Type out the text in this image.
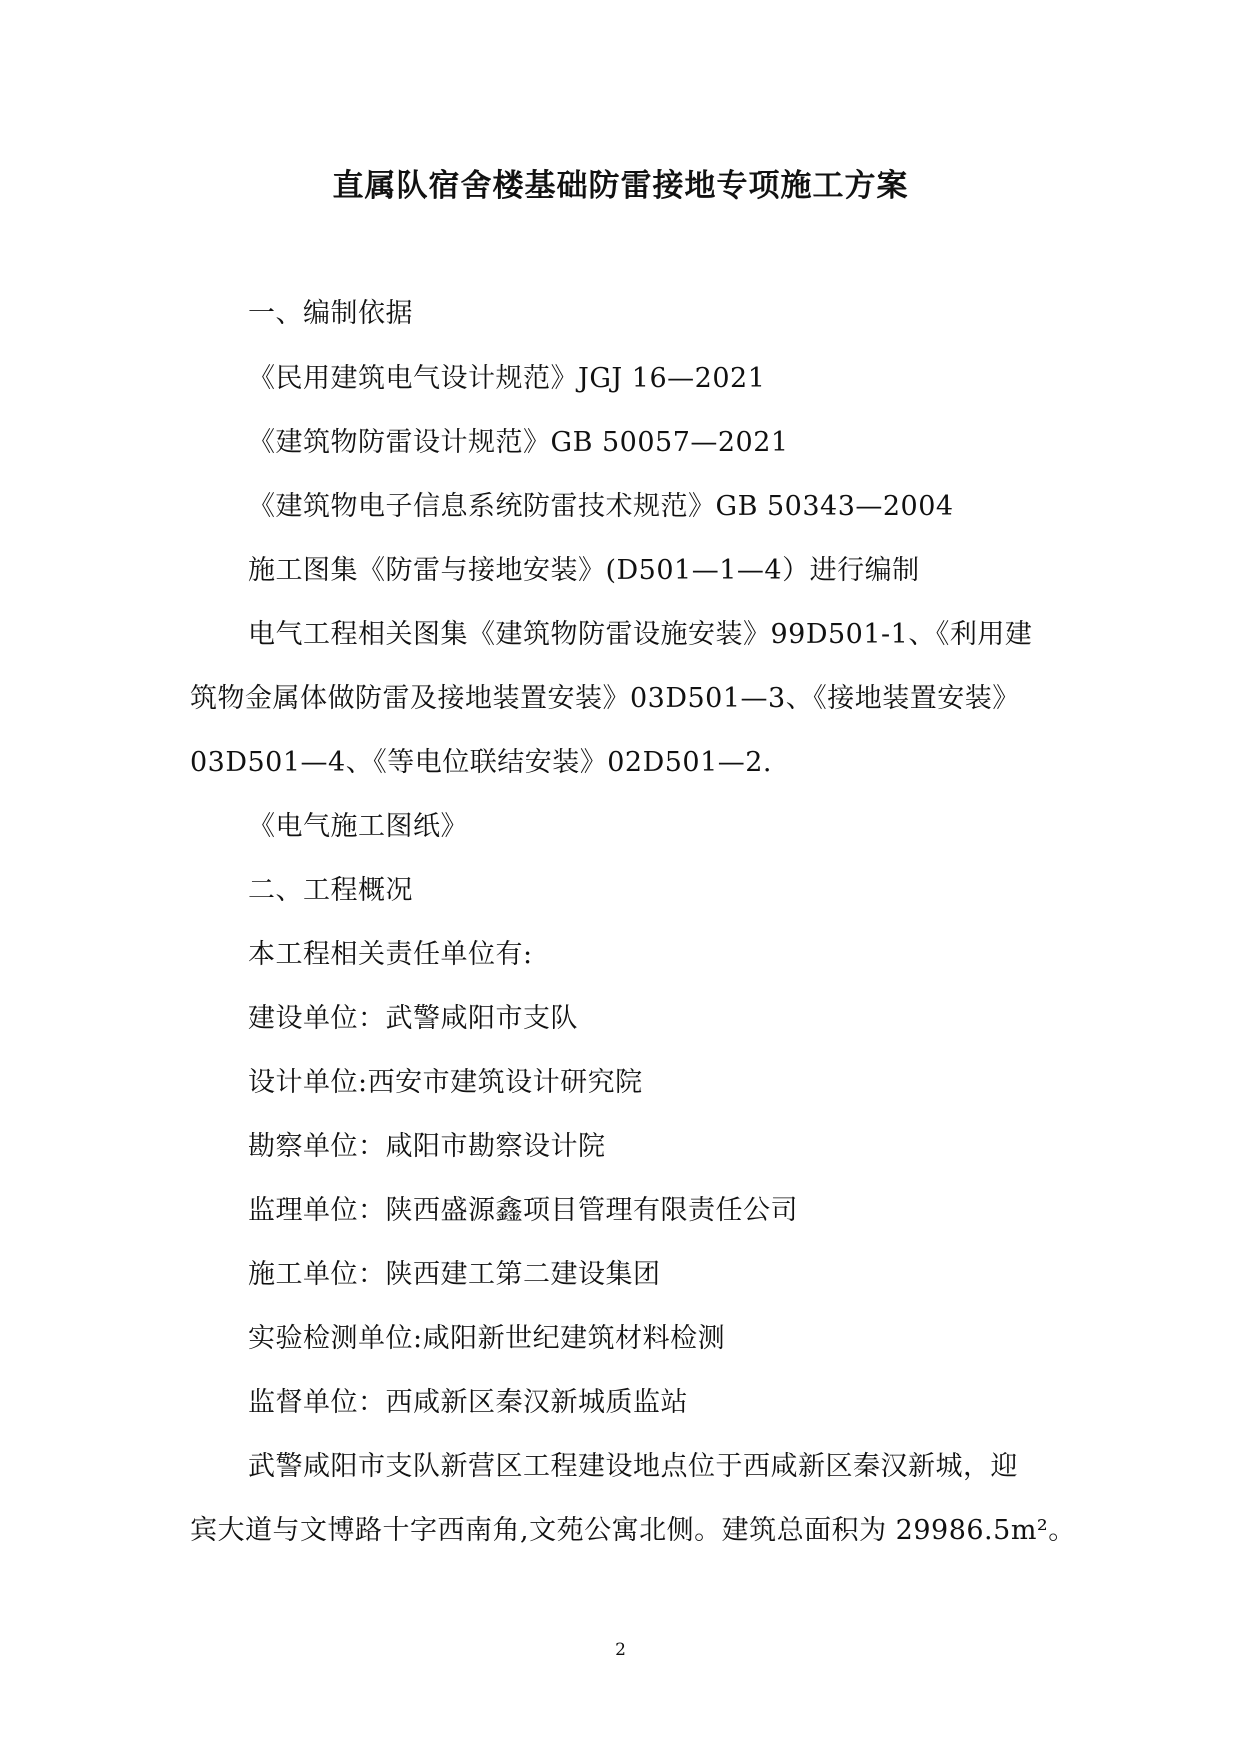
直属队宿舍楼基础防雷接地专项施工方案
一、编制依据
《民用建筑电气设计规范》JGJ 16—2021
《建筑物防雷设计规范》GB 50057—2021
《建筑物电子信息系统防雷技术规范》GB 50343—2004
施工图集《防雷与接地安装》(D501—1—4）进行编制
电气工程相关图集《建筑物防雷设施安装》99D501-1、《利用建
筑物金属体做防雷及接地装置安装》03D501—3、《接地装置安装》
03D501—4、《等电位联结安装》02D501—2.
《电气施工图纸》
二、工程概况
本工程相关责任单位有:
建设单位：武警咸阳市支队
设计单位:西安市建筑设计研究院
勘察单位：咸阳市勘察设计院
监理单位：陕西盛源鑫项目管理有限责任公司
施工单位：陕西建工第二建设集团
实验检测单位:咸阳新世纪建筑材料检测
监督单位：西咸新区秦汉新城质监站
武警咸阳市支队新营区工程建设地点位于西咸新区秦汉新城，迎
宾大道与文博路十字西南角,文苑公寓北侧。建筑总面积为 29986.5m²。
2
